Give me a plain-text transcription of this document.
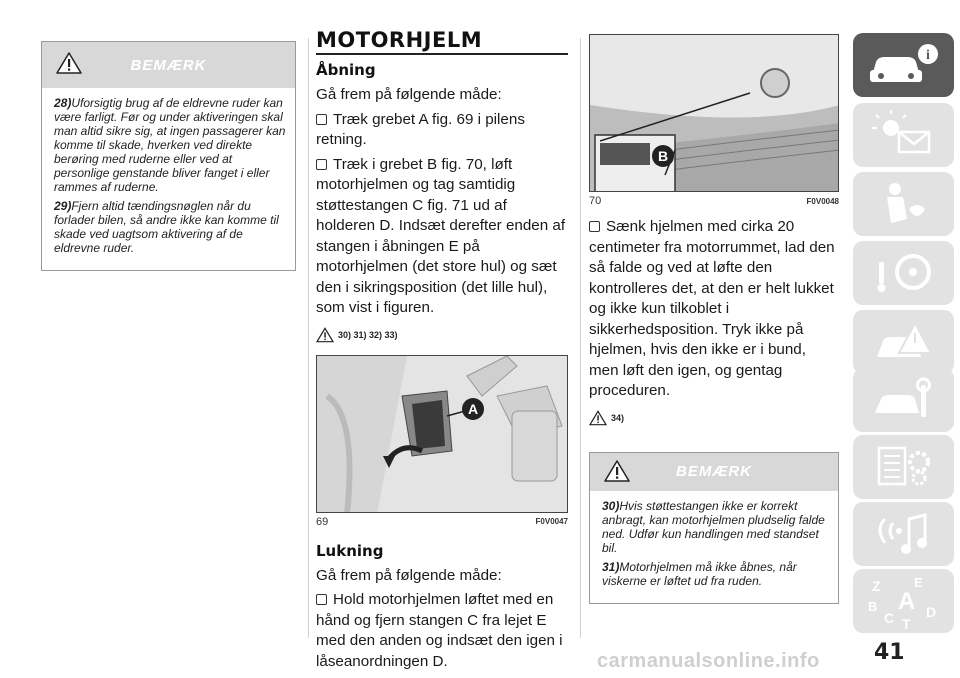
BEMÆRK

28)Uforsigtig brug af de eldrevne ruder kan være farligt. Før og under aktiveringen skal man altid sikre sig, at ingen passagerer kan komme til skade, hverken ved direkte berøring med ruderne eller ved at personlige genstande bliver fanget i eller rammes af ruderne.

29)Fjern altid tændingsnøglen når du forlader bilen, så andre ikke kan komme til skade ved uagtsom aktivering af de eldrevne ruder.

MOTORHJELM
Åbning
Gå frem på følgende måde:
Træk grebet A fig. 69 i pilens retning.
Træk i grebet B fig. 70, løft motorhjelmen og tag samtidig støttestangen C fig. 71 ud af holderen D. Indsæt derefter enden af stangen i åbningen E på motorhjelmen (det store hul) og sæt den i sikringsposition (det lille hul), som vist i figuren.
30) 31) 32) 33)
A
69	F0V0047
Lukning
Gå frem på følgende måde:
Hold motorhjelmen løftet med en hånd og fjern stangen C fra lejet E med den anden og indsæt den igen i låseanordningen D.
B
70	F0V0048
Sænk hjelmen med cirka 20 centimeter fra motorrummet, lad den så falde og ved at løfte den kontrolleres det, at den er helt lukket og ikke kun tilkoblet i sikkerhedsposition. Tryk ikke på hjelmen, hvis den ikke er i bund, men løft den igen, og gentag proceduren.
34)
BEMÆRK

30)Hvis støttestangen ikke er korrekt anbragt, kan motorhjelmen pludselig falde ned. Udfør kun handlingen med standset bil.

31)Motorhjelmen må ikke åbnes, når viskerne er løftet ud fra ruden.

i
Z	E
B A
C D
T
41
carmanualsonline.info
